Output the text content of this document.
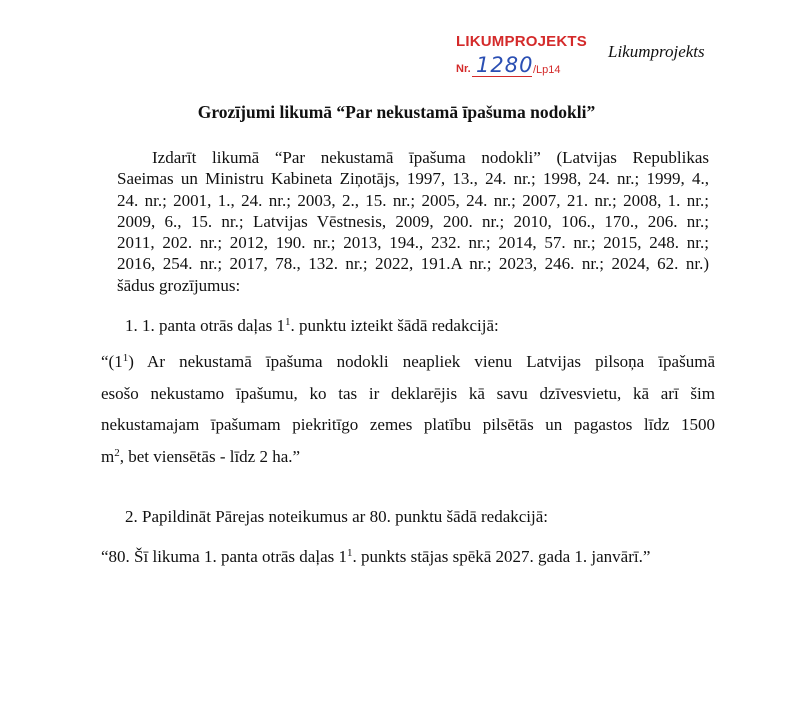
LIKUMPROJEKTS
Nr. 1280 /Lp14
Likumprojekts
Grozījumi likumā “Par nekustamā īpašuma nodokli”
Izdarīt likumā “Par nekustamā īpašuma nodokli” (Latvijas Republikas
Saeimas un Ministru Kabineta Ziņotājs, 1997, 13., 24. nr.; 1998, 24. nr.; 1999, 4.,
24. nr.; 2001, 1., 24. nr.; 2003, 2., 15. nr.; 2005, 24. nr.; 2007, 21. nr.; 2008, 1. nr.;
2009, 6., 15. nr.; Latvijas Vēstnesis, 2009, 200. nr.; 2010, 106., 170., 206. nr.;
2011, 202. nr.; 2012, 190. nr.; 2013, 194., 232. nr.; 2014, 57. nr.; 2015, 248. nr.;
2016, 254. nr.; 2017, 78., 132. nr.; 2022, 191.A nr.; 2023, 246. nr.; 2024, 62. nr.)
šādus grozījumus:
1. 1. panta otrās daļas $1^1$. punktu izteikt šādā redakcijā:
“$(1^1)$ Ar nekustamā īpašuma nodokli neapliek vienu Latvijas pilsoņa īpašumā
esošo nekustamo īpašumu, ko tas ir deklarējis kā savu dzīvesvietu, kā arī šim
nekustamajam īpašumam piekritīgo zemes platību pilsētās un pagastos līdz 1500
$m^2$, bet viensētās - līdz 2 ha.”
2. Papildināt Pārejas noteikumus ar 80. punktu šādā redakcijā:
“80. Šī likuma 1. panta otrās daļas $1^1$. punkts stājas spēkā 2027. gada 1. janvārī.”
